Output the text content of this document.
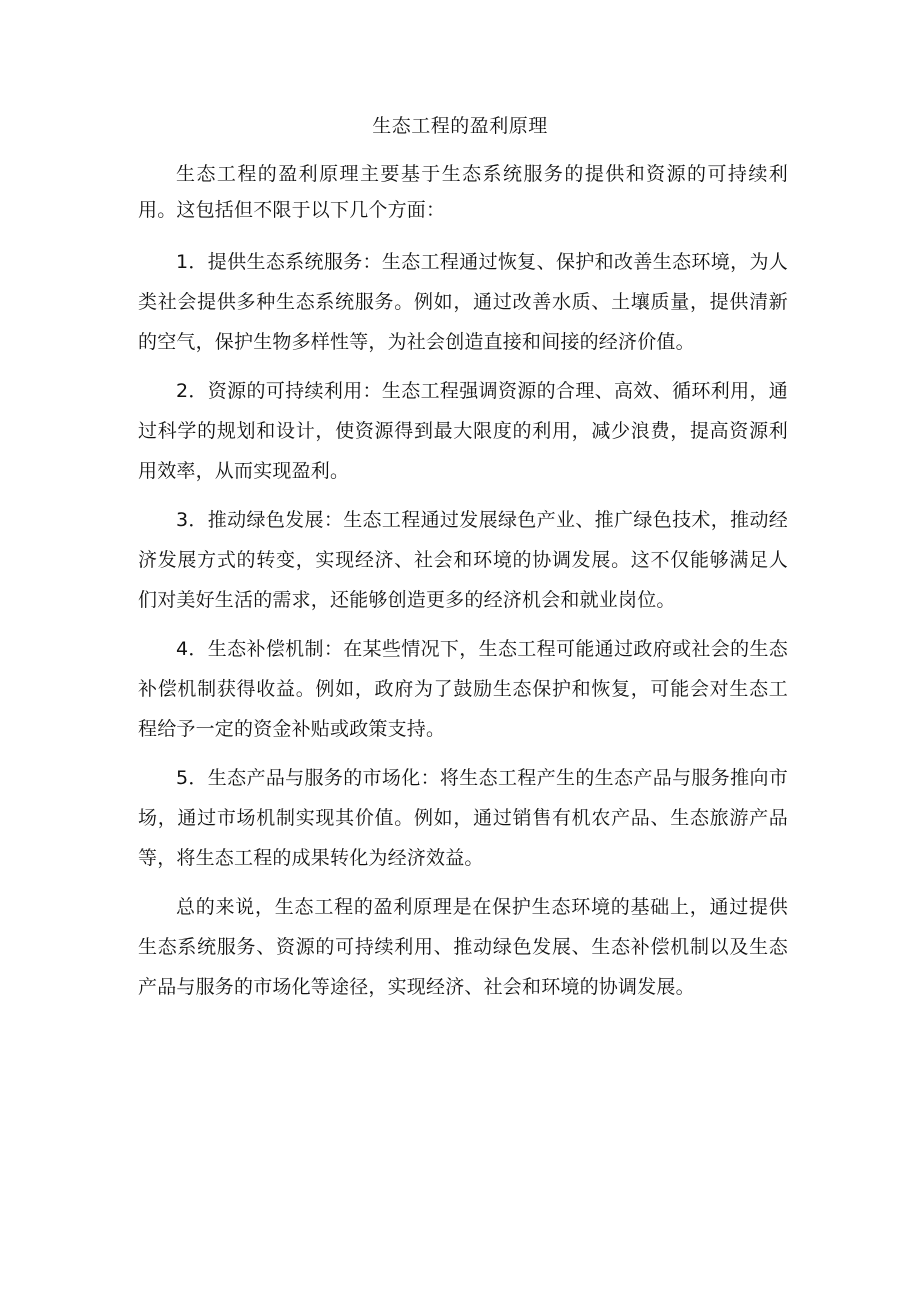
生态工程的盈利原理

生态工程的盈利原理主要基于生态系统服务的提供和资源的可持续利用。这包括但不限于以下几个方面：

1．提供生态系统服务：生态工程通过恢复、保护和改善生态环境，为人类社会提供多种生态系统服务。例如，通过改善水质、土壤质量，提供清新的空气，保护生物多样性等，为社会创造直接和间接的经济价值。

2．资源的可持续利用：生态工程强调资源的合理、高效、循环利用，通过科学的规划和设计，使资源得到最大限度的利用，减少浪费，提高资源利用效率，从而实现盈利。

3．推动绿色发展：生态工程通过发展绿色产业、推广绿色技术，推动经济发展方式的转变，实现经济、社会和环境的协调发展。这不仅能够满足人们对美好生活的需求，还能够创造更多的经济机会和就业岗位。

4．生态补偿机制：在某些情况下，生态工程可能通过政府或社会的生态补偿机制获得收益。例如，政府为了鼓励生态保护和恢复，可能会对生态工程给予一定的资金补贴或政策支持。

5．生态产品与服务的市场化：将生态工程产生的生态产品与服务推向市场，通过市场机制实现其价值。例如，通过销售有机农产品、生态旅游产品等，将生态工程的成果转化为经济效益。

总的来说，生态工程的盈利原理是在保护生态环境的基础上，通过提供生态系统服务、资源的可持续利用、推动绿色发展、生态补偿机制以及生态产品与服务的市场化等途径，实现经济、社会和环境的协调发展。
